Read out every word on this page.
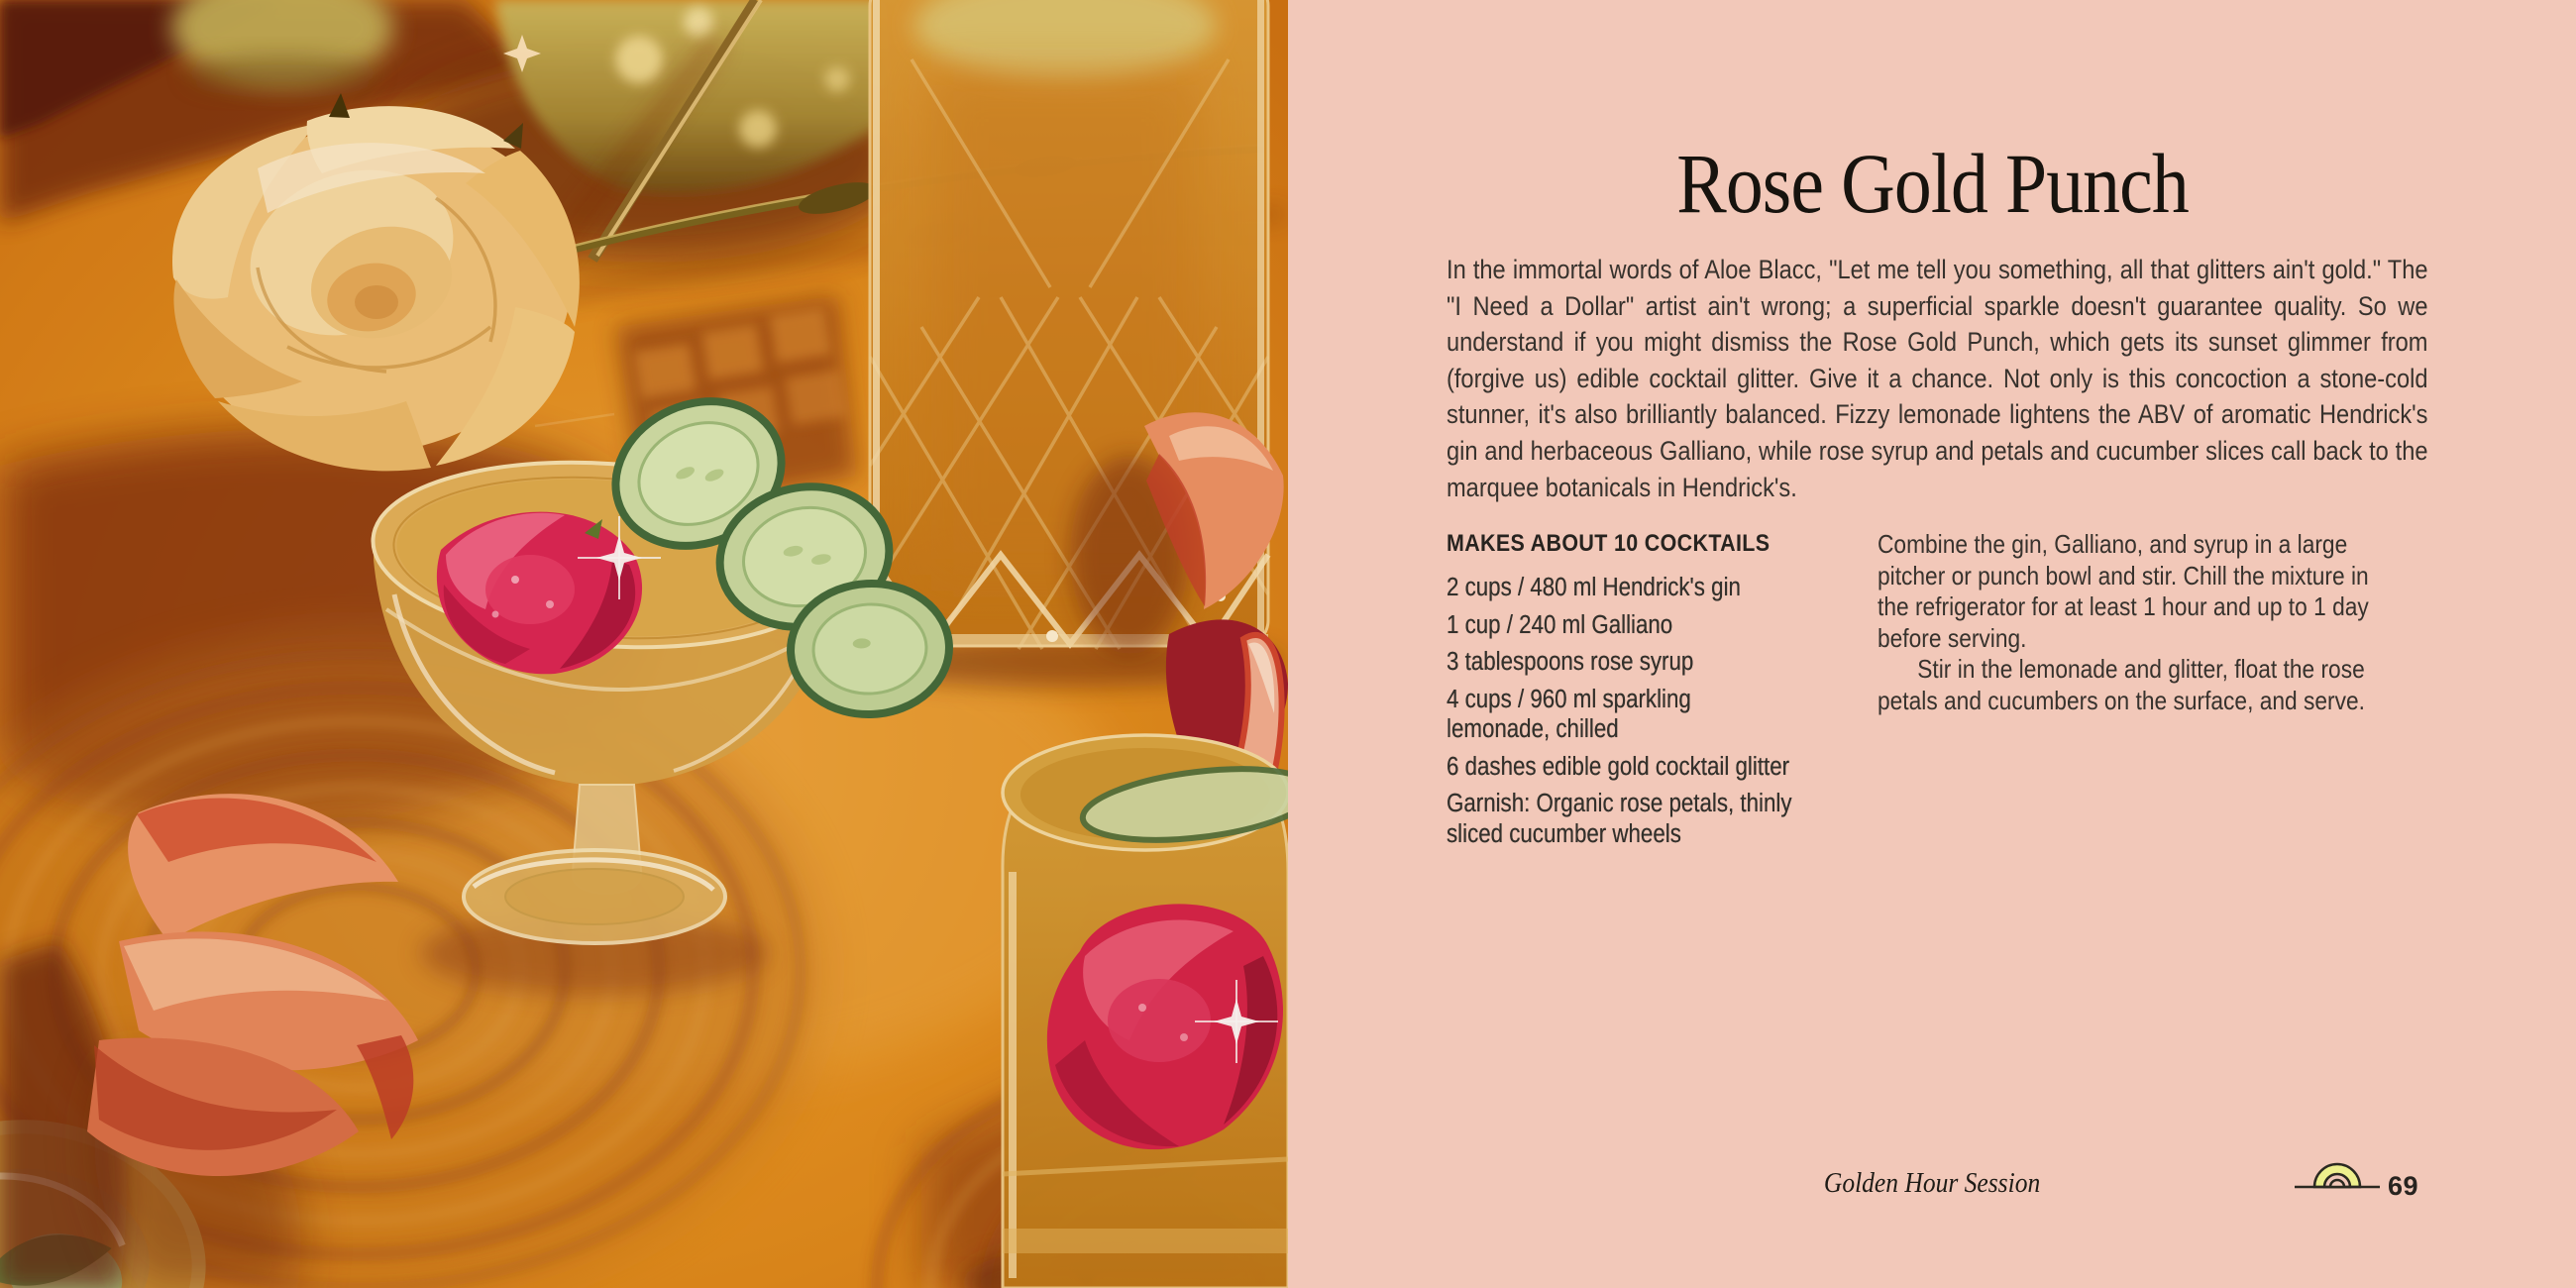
Rose Gold Punch

In the immortal words of Aloe Blacc, "Let me tell you something, all that glitters ain't gold." The "I Need a Dollar" artist ain't wrong; a superficial sparkle doesn't guarantee quality. So we understand if you might dismiss the Rose Gold Punch, which gets its sunset glimmer from (forgive us) edible cocktail glitter. Give it a chance. Not only is this concoction a stone-cold stunner, it's also brilliantly balanced. Fizzy lemonade lightens the ABV of aromatic Hendrick's gin and herbaceous Galliano, while rose syrup and petals and cucumber slices call back to the marquee botanicals in Hendrick's.

MAKES ABOUT 10 COCKTAILS

2 cups / 480 ml Hendrick's gin

1 cup / 240 ml Galliano

3 tablespoons rose syrup

4 cups / 960 ml sparkling lemonade, chilled

6 dashes edible gold cocktail glitter

Garnish: Organic rose petals, thinly sliced cucumber wheels

Combine the gin, Galliano, and syrup in a large pitcher or punch bowl and stir. Chill the mixture in the refrigerator for at least 1 hour and up to 1 day before serving.

Stir in the lemonade and glitter, float the rose petals and cucumbers on the surface, and serve.

Golden Hour Session	69
